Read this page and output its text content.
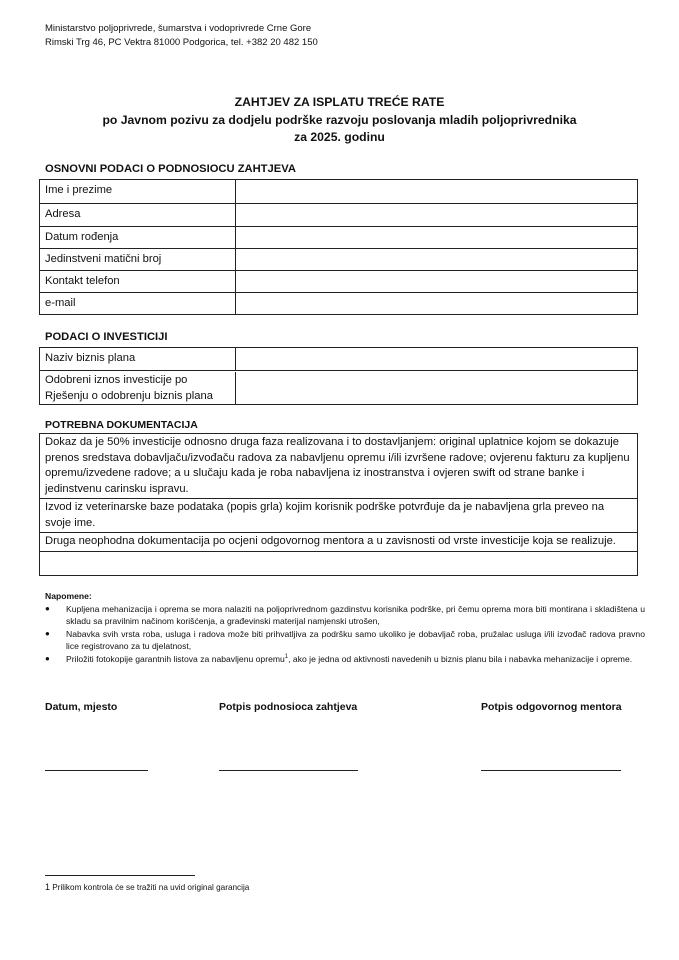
Ministarstvo poljoprivrede, šumarstva i vodoprivrede Crne Gore
Rimski Trg 46, PC Vektra 81000 Podgorica, tel. +382 20 482 150
ZAHTJEV ZA ISPLATU TREĆE RATE
po Javnom pozivu za dodjelu podrške razvoju poslovanja mladih poljoprivrednika
za 2025. godinu
OSNOVNI PODACI O PODNOSIOCU ZAHTJEVA
Ime i prezime
Adresa
Datum rođenja
Jedinstveni matični broj
Kontakt telefon
e-mail
PODACI O INVESTICIJI
Naziv biznis plana
Odobreni iznos investicije po
Rješenju o odobrenju biznis plana
POTREBNA DOKUMENTACIJA
Dokaz da je 50% investicije odnosno druga faza realizovana i to dostavljanjem: original uplatnice kojom se dokazuje prenos sredstava dobavljaču/izvođaču radova za nabavljenu opremu i/ili izvršene radove; ovjerenu fakturu za kupljenu opremu/izvedene radove; a u slučaju kada je roba nabavljena iz inostranstva i ovjeren swift od strane banke i jedinstvenu carinsku ispravu.
Izvod iz veterinarske baze podataka (popis grla) kojim korisnik podrške potvrđuje da je nabavljena grla preveo na svoje ime.
Druga neophodna dokumentacija po ocjeni odgovornog mentora a u zavisnosti od vrste investicije koja se realizuje.
Napomene:
● Kupljena mehanizacija i oprema se mora nalaziti na poljoprivrednom gazdinstvu korisnika podrške, pri čemu oprema mora biti montirana i skladištena u skladu sa pravilnim načinom korišćenja, a građevinski materijal namjenski utrošen,
● Nabavka svih vrsta roba, usluga i radova može biti prihvatljiva za podršku samo ukoliko je dobavljač roba, pružalac usluga i/ili izvođač radova pravno lice registrovano za tu djelatnost,
● Priložiti fotokopije garantnih listova za nabavljenu opremu$^1$, ako je jedna od aktivnosti navedenih u biznis planu bila i nabavka mehanizacije i opreme.
Datum, mjesto	Potpis podnosioca zahtjeva	Potpis odgovornog mentora
1 Prilikom kontrola će se tražiti na uvid original garancija
